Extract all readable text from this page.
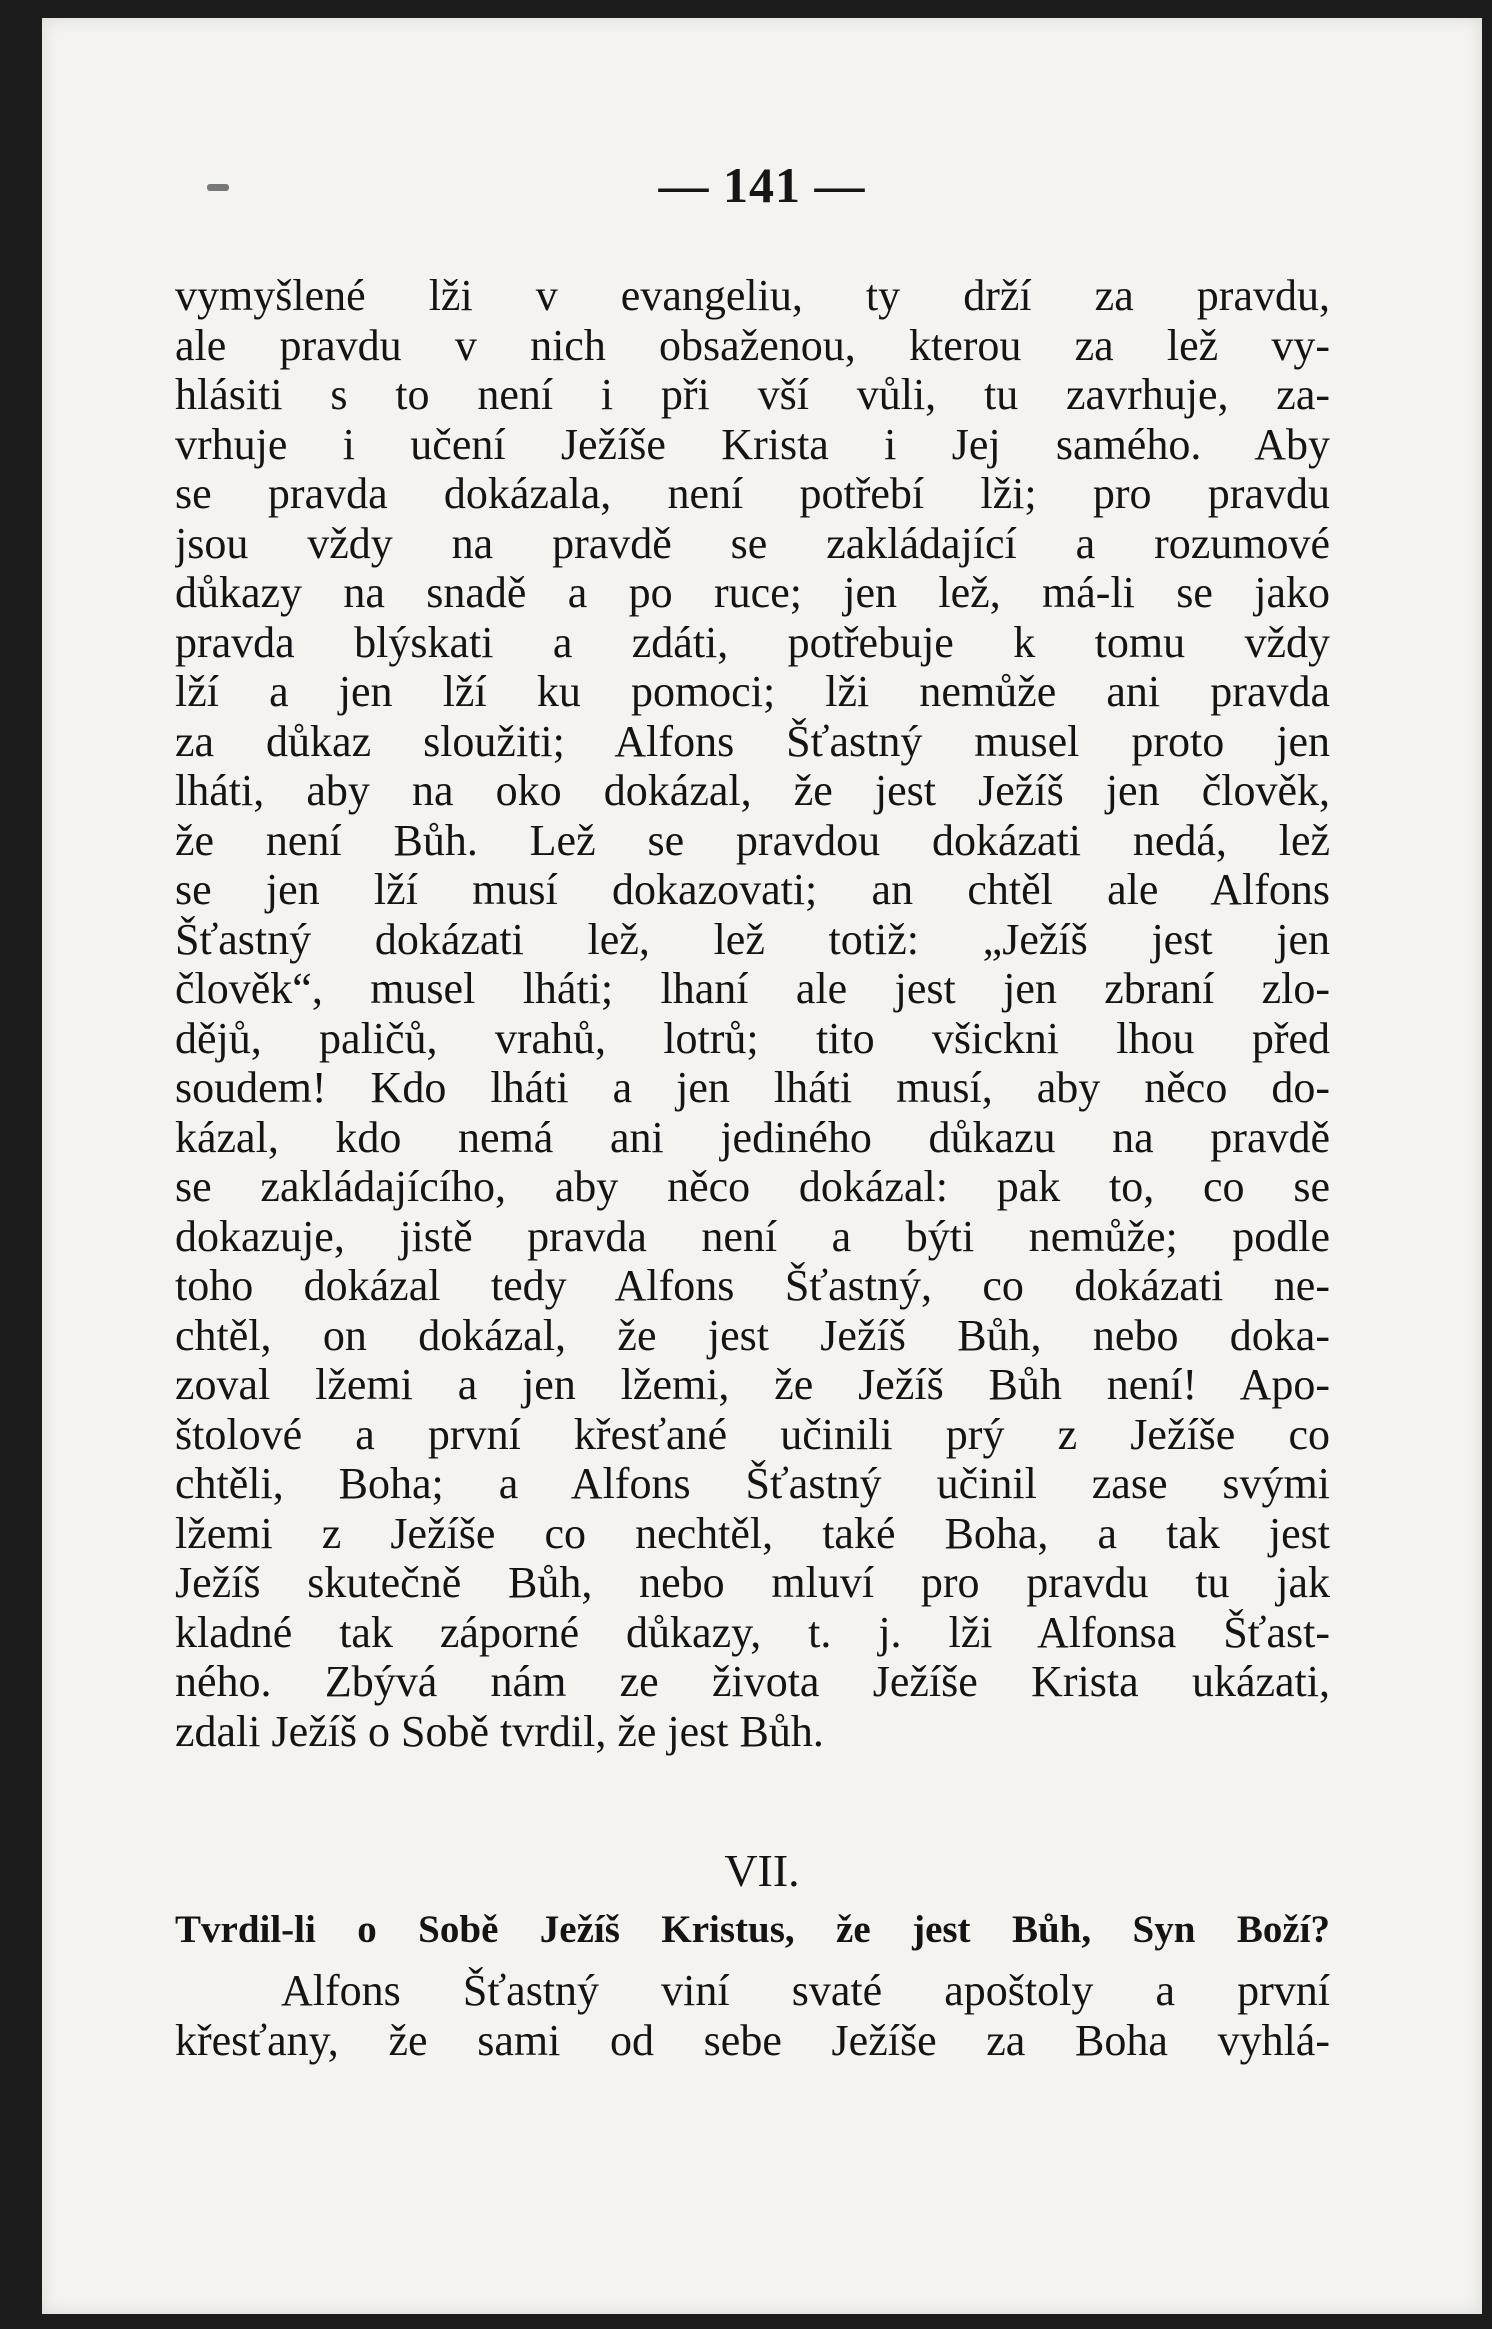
— 141 —
vymyšlené lži v evangeliu, ty drží za pravdu,
ale pravdu v nich obsaženou, kterou za lež vy-
hlásiti s to není i při vší vůli, tu zavrhuje, za-
vrhuje i učení Ježíše Krista i Jej samého. Aby
se pravda dokázala, není potřebí lži; pro pravdu
jsou vždy na pravdě se zakládající a rozumové
důkazy na snadě a po ruce; jen lež, má-li se jako
pravda blýskati a zdáti, potřebuje k tomu vždy
lží a jen lží ku pomoci; lži nemůže ani pravda
za důkaz sloužiti; Alfons Šťastný musel proto jen
lháti, aby na oko dokázal, že jest Ježíš jen člověk,
že není Bůh. Lež se pravdou dokázati nedá, lež
se jen lží musí dokazovati; an chtěl ale Alfons
Šťastný dokázati lež, lež totiž: „Ježíš jest jen
člověk“, musel lháti; lhaní ale jest jen zbraní zlo-
dějů, paličů, vrahů, lotrů; tito všickni lhou před
soudem! Kdo lháti a jen lháti musí, aby něco do-
kázal, kdo nemá ani jediného důkazu na pravdě
se zakládajícího, aby něco dokázal: pak to, co se
dokazuje, jistě pravda není a býti nemůže; podle
toho dokázal tedy Alfons Šťastný, co dokázati ne-
chtěl, on dokázal, že jest Ježíš Bůh, nebo doka-
zoval lžemi a jen lžemi, že Ježíš Bůh není! Apo-
štolové a první křesťané učinili prý z Ježíše co
chtěli, Boha; a Alfons Šťastný učinil zase svými
lžemi z Ježíše co nechtěl, také Boha, a tak jest
Ježíš skutečně Bůh, nebo mluví pro pravdu tu jak
kladné tak záporné důkazy, t. j. lži Alfonsa Šťast-
ného. Zbývá nám ze života Ježíše Krista ukázati,
zdali Ježíš o Sobě tvrdil, že jest Bůh.
VII.
Tvrdil-li o Sobě Ježíš Kristus, že jest Bůh, Syn Boží?
Alfons Šťastný viní svaté apoštoly a první
křesťany, že sami od sebe Ježíše za Boha vyhlá-
